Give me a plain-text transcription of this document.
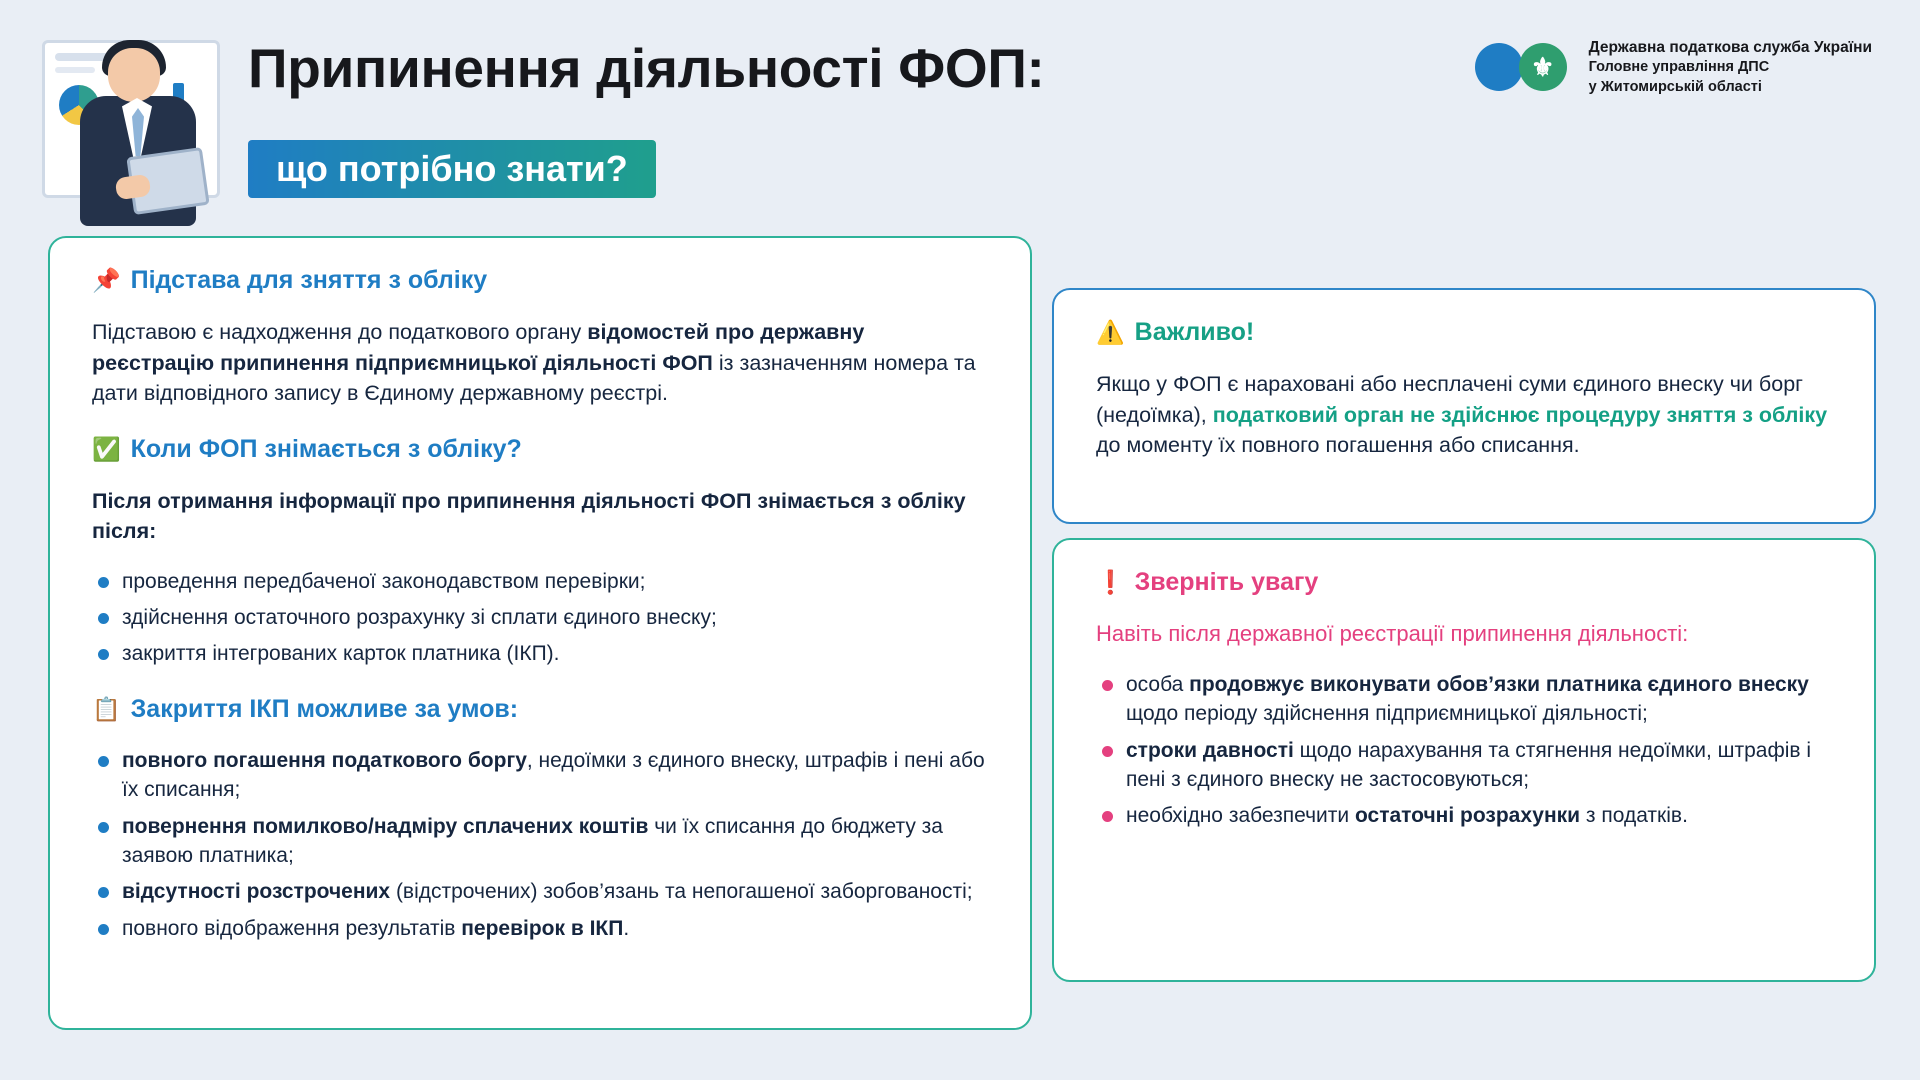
Припинення діяльності ФОП:
що потрібно знати?
⚜
Державна податкова служба України
Головне управління ДПС
у Житомирській області
📌 Підстава для зняття з обліку

Підставою є надходження до податкового органу відомостей про державну реєстрацію припинення підприємницької діяльності ФОП із зазначенням номера та дати відповідного запису в Єдиному державному реєстрі.

✅ Коли ФОП знімається з обліку?

Після отримання інформації про припинення діяльності ФОП знімається з обліку після:

проведення передбаченої законодавством перевірки;
здійснення остаточного розрахунку зі сплати єдиного внеску;
закриття інтегрованих карток платника (ІКП).
📋 Закриття ІКП можливе за умов:
повного погашення податкового боргу, недоїмки з єдиного внеску, штрафів і пені або їх списання;
повернення помилково/надміру сплачених коштів чи їх списання до бюджету за заявою платника;
відсутності розстрочених (відстрочених) зобов’язань та непогашеної заборгованості;
повного відображення результатів перевірок в ІКП.
⚠️ Важливо!

Якщо у ФОП є нараховані або несплачені суми єдиного внеску чи борг (недоїмка), податковий орган не здійснює процедуру зняття з обліку до моменту їх повного погашення або списання.

❗ Зверніть увагу

Навіть після державної реєстрації припинення діяльності:

особа продовжує виконувати обов’язки платника єдиного внеску щодо періоду здійснення підприємницької діяльності;
строки давності щодо нарахування та стягнення недоїмки, штрафів і пені з єдиного внеску не застосовуються;
необхідно забезпечити остаточні розрахунки з податків.
